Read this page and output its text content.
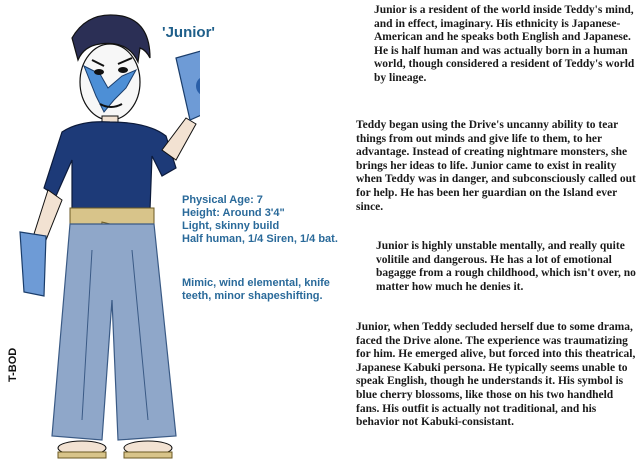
T-BOD
'Junior'
Physical Age: 7
Height: Around 3'4"
Light, skinny build
Half human, 1/4 Siren, 1/4 bat.
Mimic, wind elemental, knife teeth, minor shapeshifting.
Junior is a resident of the world inside Teddy's mind, and in effect, imaginary. His ethnicity is Japanese-American and he speaks both English and Japanese. He is half human and was actually born in a human world, though considered a resident of Teddy's world by lineage.
Teddy began using the Drive's uncanny ability to tear things from out minds and give life to them, to her advantage. Instead of creating nightmare monsters, she brings her ideas to life. Junior came to exist in reality when Teddy was in danger, and subconsciously called out for help. He has been her guardian on the Island ever since.
Junior is highly unstable mentally, and really quite volitile and dangerous. He has a lot of emotional bagagge from a rough childhood, which isn't over, no matter how much he denies it.
Junior, when Teddy secluded herself due to some drama, faced the Drive alone. The experience was traumatizing for him. He emerged alive, but forced into this theatrical, Japanese Kabuki persona. He typically seems unable to speak English, though he understands it. His symbol is blue cherry blossoms, like those on his two handheld fans. His outfit is actually not traditional, and his behavior not Kabuki-consistant.
